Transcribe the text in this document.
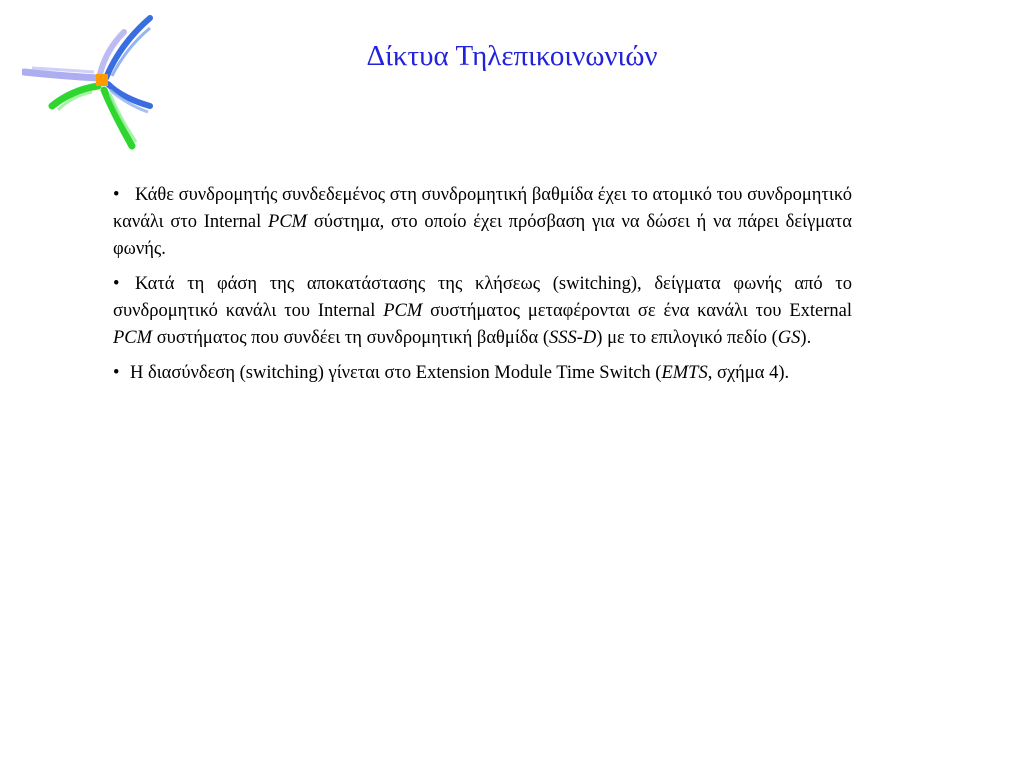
Δίκτυα Τηλεπικοινωνιών

• Κάθε συνδρομητής συνδεδεμένος στη συνδρομητική βαθμίδα έχει το ατομικό του συνδρομητικό κανάλι στο Internal PCM σύστημα, στο οποίο έχει πρόσβαση για να δώσει ή να πάρει δείγματα φωνής.

• Κατά τη φάση της αποκατάστασης της κλήσεως (switching), δείγματα φωνής από το συνδρομητικό κανάλι του Internal PCM συστήματος μεταφέρονται σε ένα κανάλι του External PCM συστήματος που συνδέει τη συνδρομητική βαθμίδα (SSS-D) με το επιλογικό πεδίο (GS).

• Η διασύνδεση (switching) γίνεται στο Extension Module Time Switch (EMTS, σχήμα 4).
